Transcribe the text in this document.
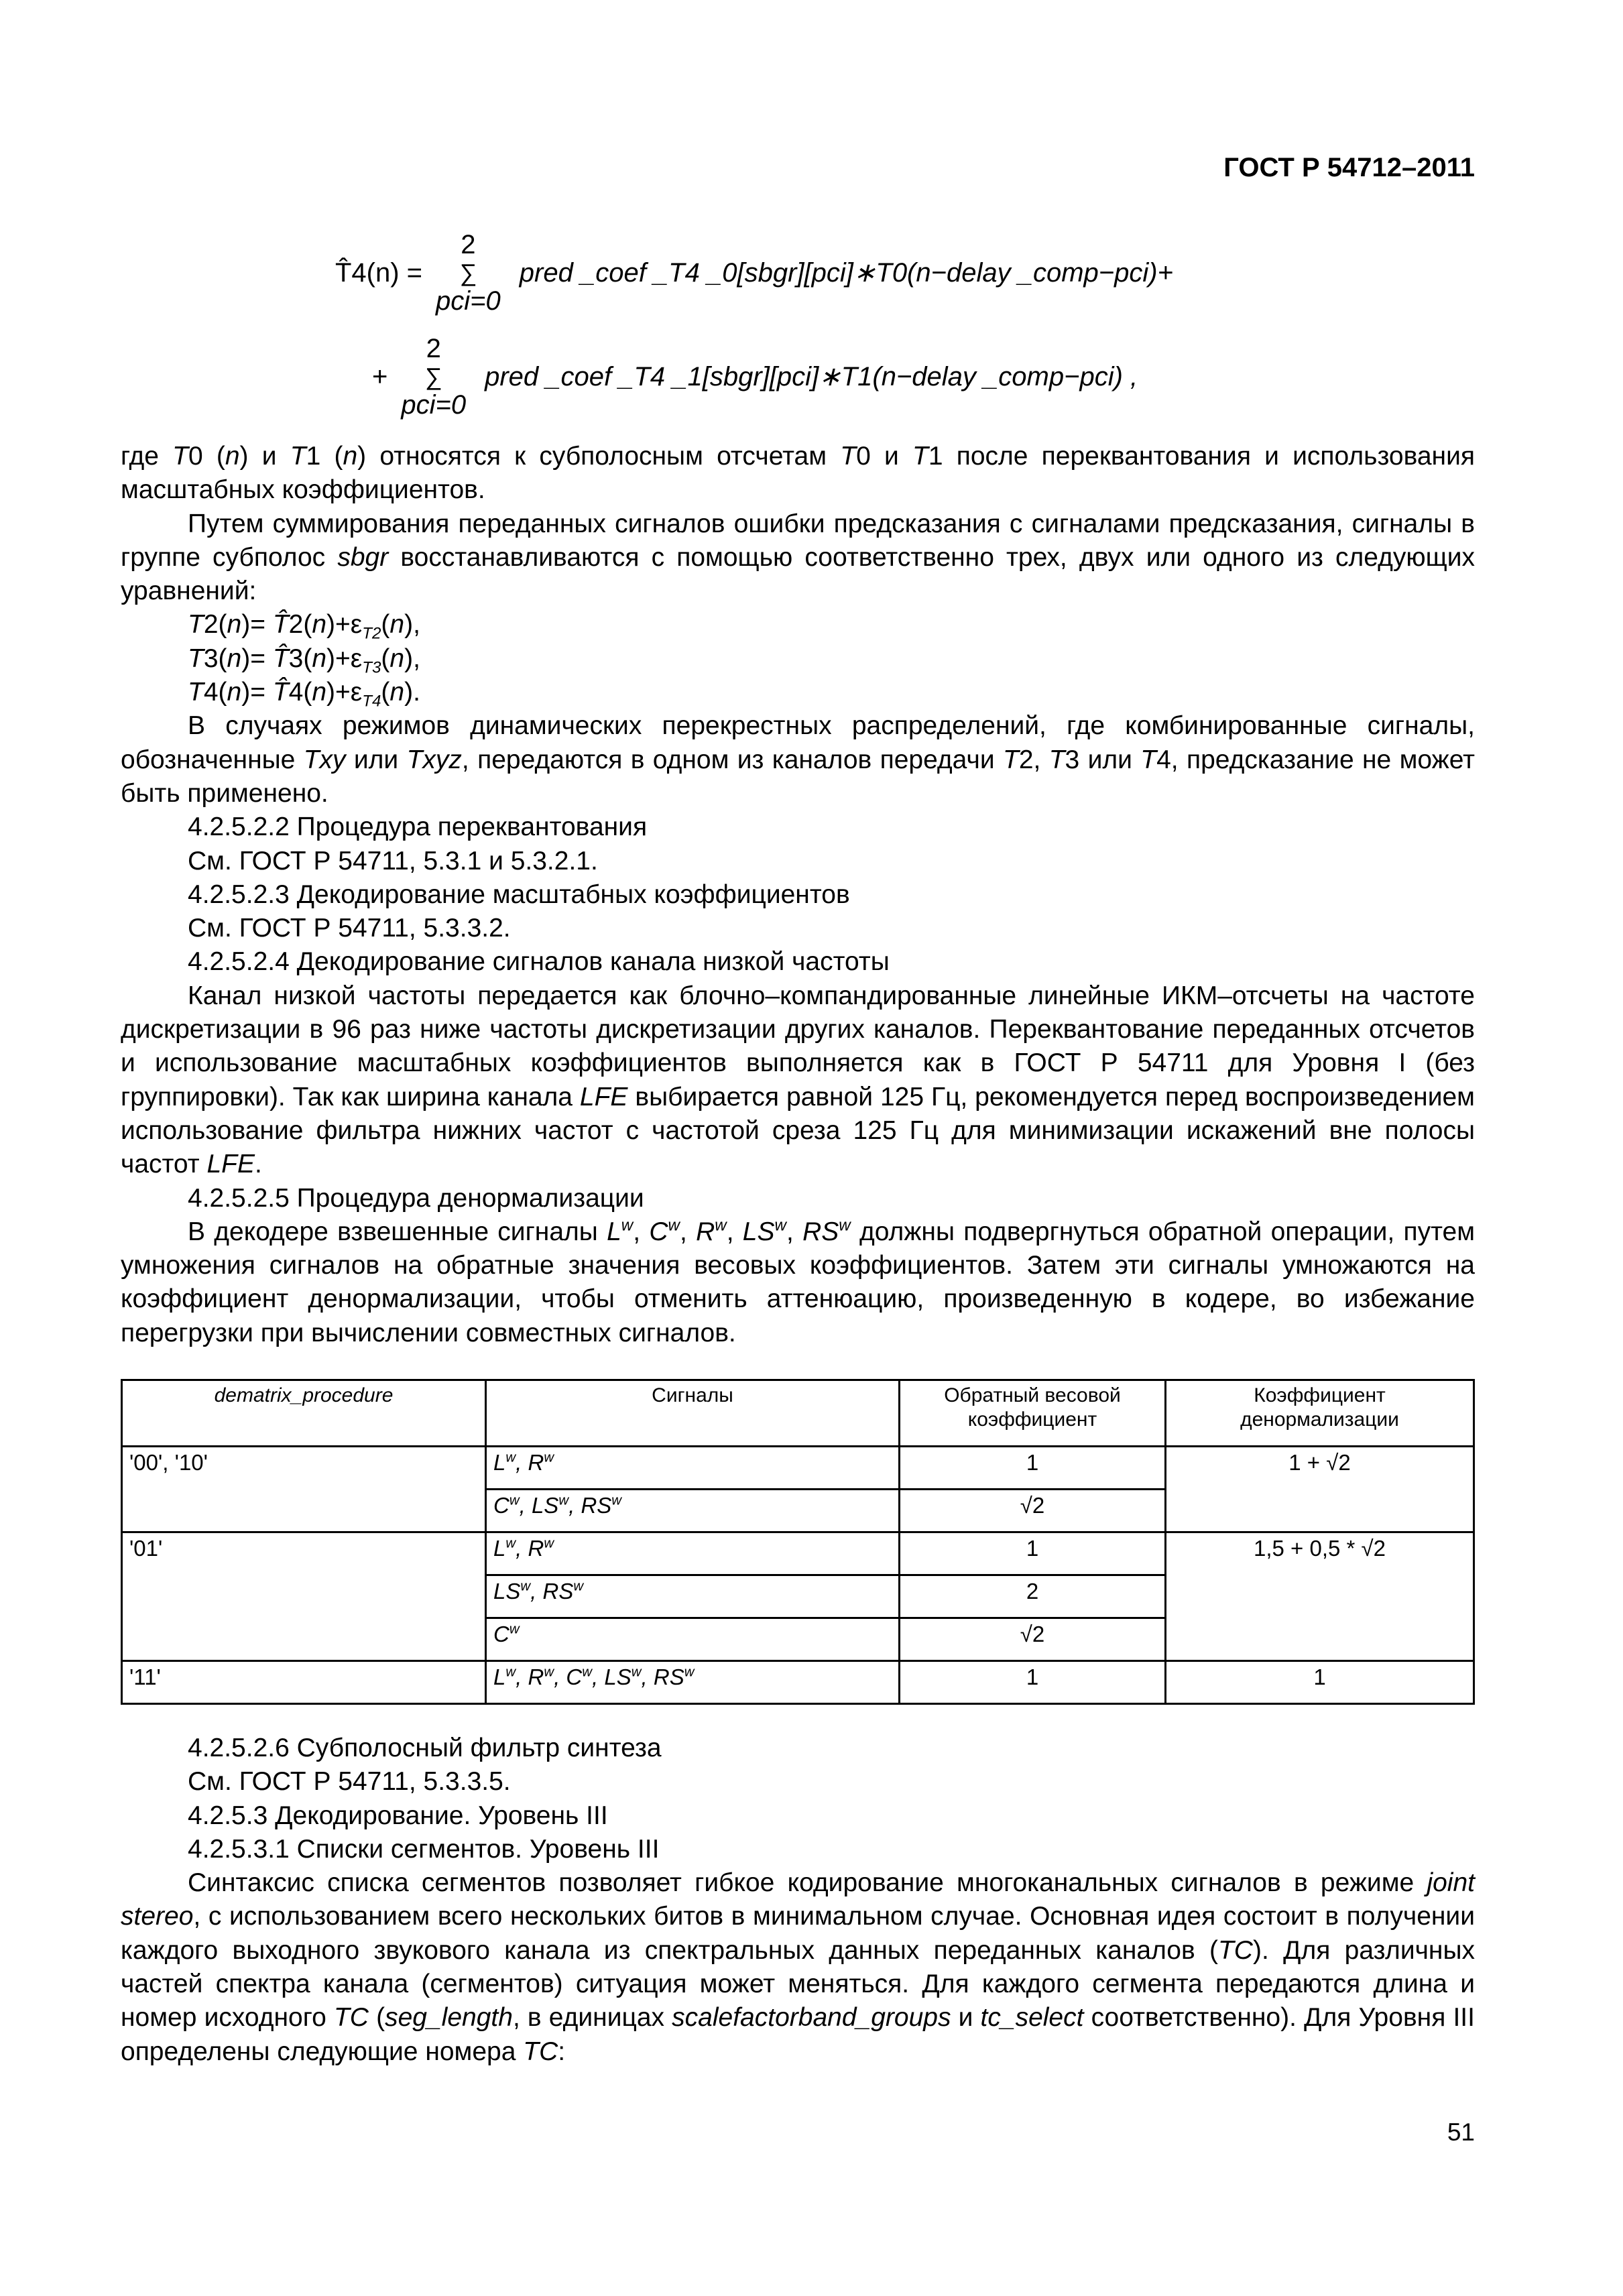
ГОСТ Р 54712–2011
T̂4(n) =
2
∑
pci=0
pred _coef _T4 _0[sbgr][pci]∗T0(n−delay _comp−pci)+
+
2
∑
pci=0
pred _coef _T4 _1[sbgr][pci]∗T1(n−delay _comp−pci) ,

где T0 (n) и T1 (n) относятся к субполосным отсчетам T0 и T1 после переквантования и использования масштабных коэффициентов.

Путем суммирования переданных сигналов ошибки предсказания с сигналами предсказания, сигналы в группе субполос sbgr восстанавливаются с помощью соответственно трех, двух или одного из следующих уравнений:

$T2(n)= T̂2(n)+\varepsilon_{T2}(n)$,

$T3(n)= T̂3(n)+\varepsilon_{T3}(n)$,

$T4(n)= T̂4(n)+\varepsilon_{T4}(n)$.

В случаях режимов динамических перекрестных распределений, где комбинированные сигналы, обозначенные Txy или Txyz, передаются в одном из каналов передачи T2, T3 или T4, предсказание не может быть применено.

4.2.5.2.2 Процедура переквантования

См. ГОСТ Р 54711, 5.3.1 и 5.3.2.1.

4.2.5.2.3 Декодирование масштабных коэффициентов

См. ГОСТ Р 54711, 5.3.3.2.

4.2.5.2.4 Декодирование сигналов канала низкой частоты

Канал низкой частоты передается как блочно–компандированные линейные ИКМ–отсчеты на частоте дискретизации в 96 раз ниже частоты дискретизации других каналов. Переквантование переданных отсчетов и использование масштабных коэффициентов выполняется как в ГОСТ Р 54711 для Уровня I (без группировки). Так как ширина канала LFE выбирается равной 125 Гц, рекомендуется перед воспроизведением использование фильтра нижних частот с частотой среза 125 Гц для минимизации искажений вне полосы частот LFE.

4.2.5.2.5 Процедура денормализации

В декодере взвешенные сигналы $L^w$, $C^w$, $R^w$, $LS^w$, $RS^w$ должны подвергнуться обратной операции, путем умножения сигналов на обратные значения весовых коэффициентов. Затем эти сигналы умножаются на коэффициент денормализации, чтобы отменить аттенюацию, произведенную в кодере, во избежание перегрузки при вычислении совместных сигналов.

dematrix_procedure	Сигналы	Обратный весовой коэффициент	Коэффициент денормализации
'00', '10'	$L^w$, $R^w$	1	1 + √2
	$C^w$, $LS^w$, $RS^w$	√2	
'01'	$L^w$, $R^w$	1	1,5 + 0,5 * √2
	$LS^w$, $RS^w$	2	
	$C^w$	√2	
'11'	$L^w$, $R^w$, $C^w$, $LS^w$, $RS^w$	1	1

4.2.5.2.6 Субполосный фильтр синтеза

См. ГОСТ Р 54711, 5.3.3.5.

4.2.5.3 Декодирование. Уровень III

4.2.5.3.1 Списки сегментов. Уровень III

Синтаксис списка сегментов позволяет гибкое кодирование многоканальных сигналов в режиме joint stereo, с использованием всего нескольких битов в минимальном случае. Основная идея состоит в получении каждого выходного звукового канала из спектральных данных переданных каналов (TC). Для различных частей спектра канала (сегментов) ситуация может меняться. Для каждого сегмента передаются длина и номер исходного TC (seg_length, в единицах scalefactorband_groups и tc_select соответственно). Для Уровня III определены следующие номера TC:

51
